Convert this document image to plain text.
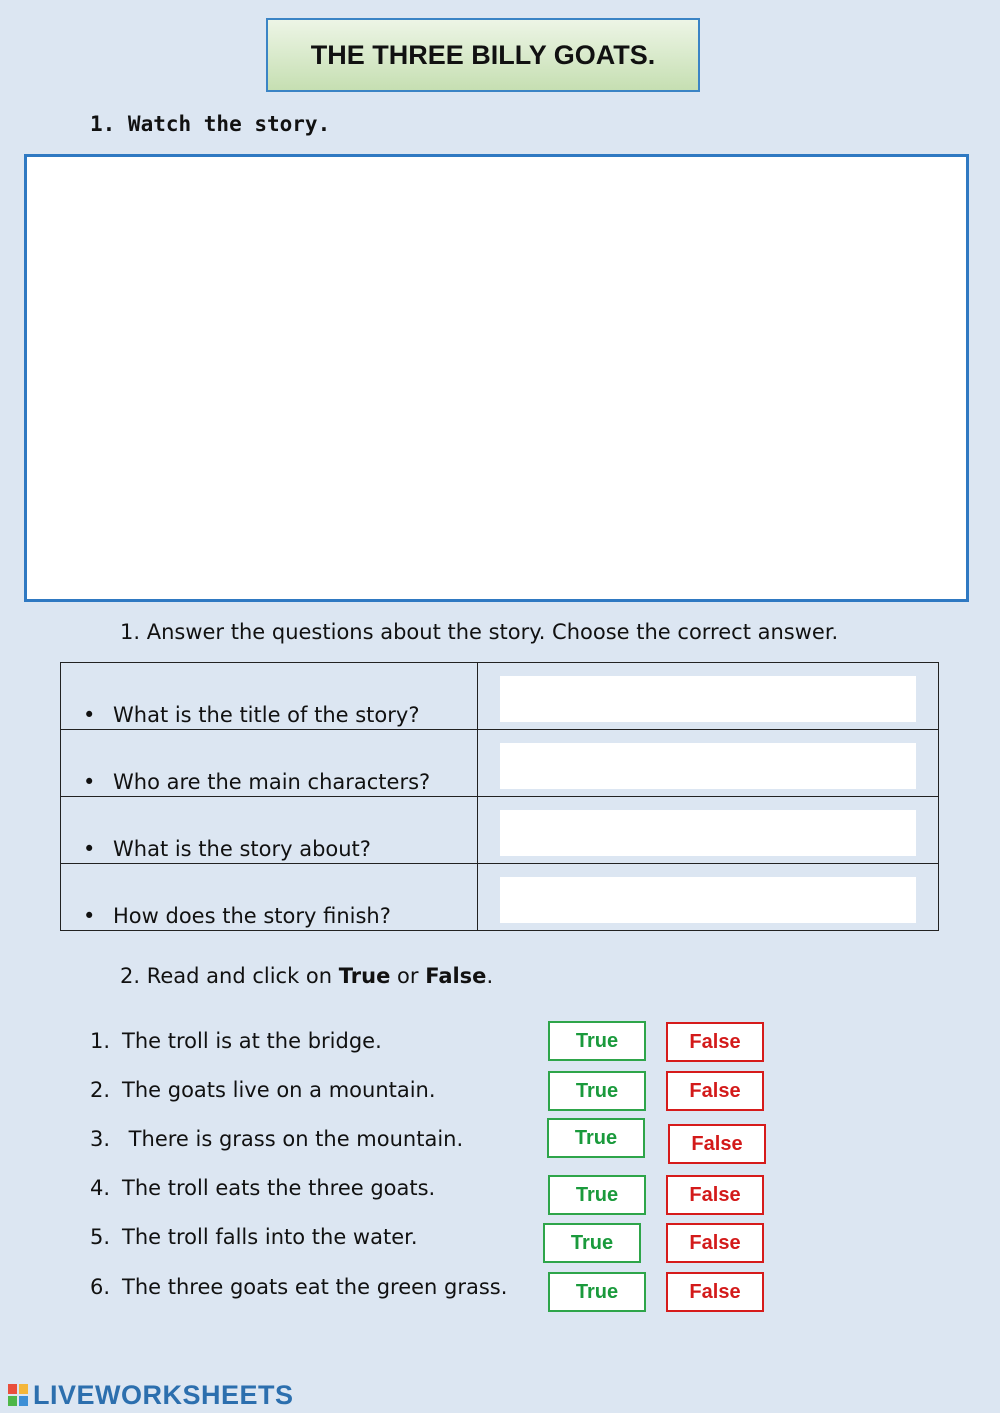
THE THREE BILLY GOATS.
1. Watch the story.
1. Answer the questions about the story. Choose the correct answer.
• What is the title of the story?

• Who are the main characters?

• What is the story about?

• How does the story finish?

2. Read and click on True or False.
1. The troll is at the bridge.	True	False
2. The goats live on a mountain.	True	False
3. There is grass on the mountain.	True	False
4. The troll eats the three goats.	True	False
5. The troll falls into the water.	True	False
6. The three goats eat the green grass.	True	False
LIVEWORKSHEETS
